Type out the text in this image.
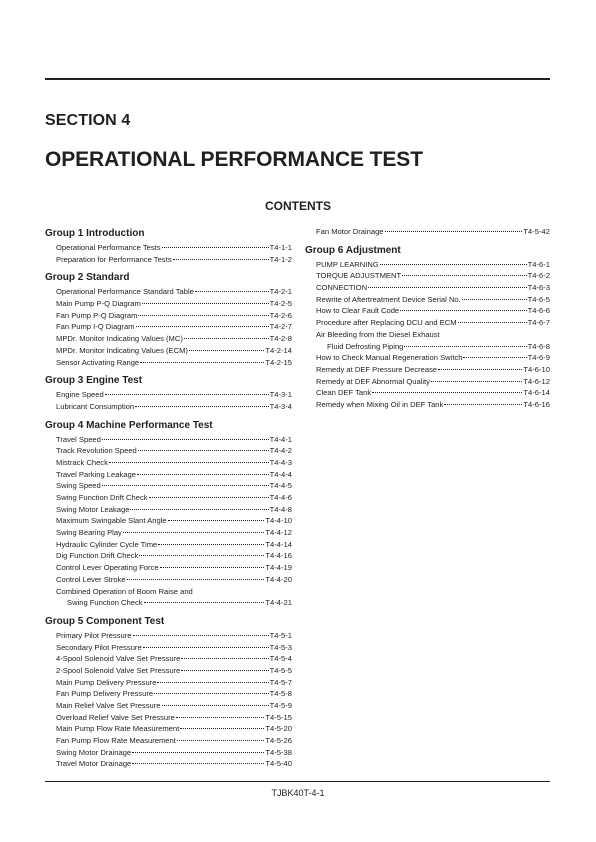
SECTION 4
OPERATIONAL PERFORMANCE TEST
CONTENTS
Group 1 Introduction
Operational Performance Tests	T4-1-1
Preparation for Performance Tests	T4-1-2
Group 2 Standard
Operational Performance Standard Table	T4-2-1
Main Pump P-Q Diagram	T4-2-5
Fan Pump P-Q Diagram	T4-2-6
Fan Pump I-Q Diagram	T4-2-7
MPDr. Monitor Indicating Values (MC)	T4-2-8
MPDr. Monitor Indicating Values (ECM)	T4-2-14
Sensor Activating Range	T4-2-15
Group 3 Engine Test
Engine Speed	T4-3-1
Lubricant Consumption	T4-3-4
Group 4 Machine Performance Test
Travel Speed	T4-4-1
Track Revolution Speed	T4-4-2
Mistrack Check	T4-4-3
Travel Parking Leakage	T4-4-4
Swing Speed	T4-4-5
Swing Function Drift Check	T4-4-6
Swing Motor Leakage	T4-4-8
Maximum Swingable Slant Angle	T4-4-10
Swing Bearing Play	T4-4-12
Hydraulic Cylinder Cycle Time	T4-4-14
Dig Function Drift Check	T4-4-16
Control Lever Operating Force	T4-4-19
Control Lever Stroke	T4-4-20
Combined Operation of Boom Raise and
Swing Function Check	T4-4-21
Group 5 Component Test
Primary Pilot Pressure	T4-5-1
Secondary Pilot Pressure	T4-5-3
4-Spool Solenoid Valve Set Pressure	T4-5-4
2-Spool Solenoid Valve Set Pressure	T4-5-5
Main Pump Delivery Pressure	T4-5-7
Fan Pump Delivery Pressure	T4-5-8
Main Relief Valve Set Pressure	T4-5-9
Overload Relief Valve Set Pressure	T4-5-15
Main Pump Flow Rate Measurement	T4-5-20
Fan Pump Flow Rate Measurement	T4-5-26
Swing Motor Drainage	T4-5-38
Travel Motor Drainage	T4-5-40
Fan Motor Drainage	T4-5-42
Group 6 Adjustment
PUMP LEARNING	T4-6-1
TORQUE ADJUSTMENT	T4-6-2
CONNECTION	T4-6-3
Rewrite of Aftertreatment Device Serial No.	T4-6-5
How to Clear Fault Code	T4-6-6
Procedure after Replacing DCU and ECM	T4-6-7
Air Bleeding from the Diesel Exhaust
Fluid Defrosting Piping	T4-6-8
How to Check Manual Regeneration Switch	T4-6-9
Remedy at DEF Pressure Decrease	T4-6-10
Remedy at DEF Abnormal Quality	T4-6-12
Clean DEF Tank	T4-6-14
Remedy when Mixing Oil in DEF Tank	T4-6-16
TJBK40T-4-1
